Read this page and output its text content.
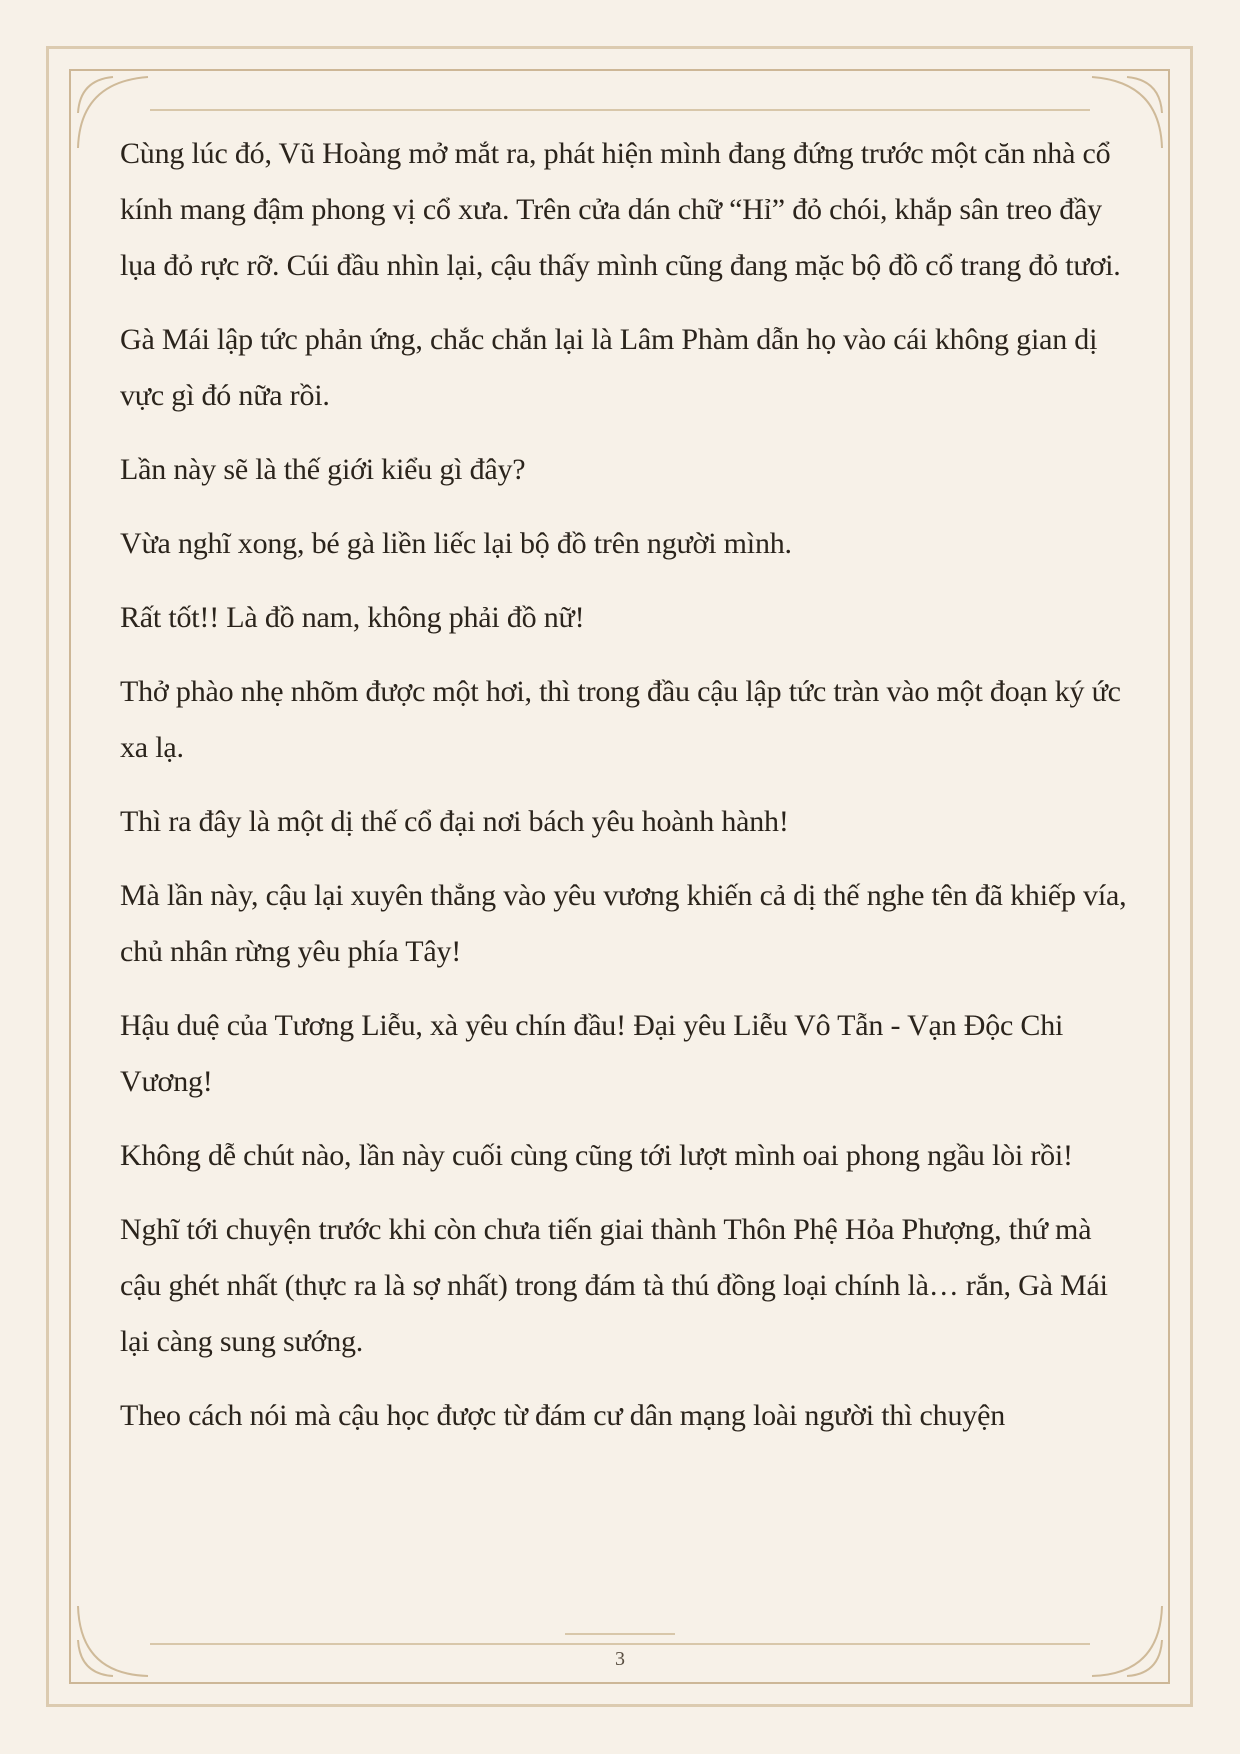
Cùng lúc đó, Vũ Hoàng mở mắt ra, phát hiện mình đang đứng trước một căn nhà cổ kính mang đậm phong vị cổ xưa. Trên cửa dán chữ “Hỉ” đỏ chói, khắp sân treo đầy lụa đỏ rực rỡ. Cúi đầu nhìn lại, cậu thấy mình cũng đang mặc bộ đồ cổ trang đỏ tươi.

Gà Mái lập tức phản ứng, chắc chắn lại là Lâm Phàm dẫn họ vào cái không gian dị vực gì đó nữa rồi.

Lần này sẽ là thế giới kiểu gì đây?

Vừa nghĩ xong, bé gà liền liếc lại bộ đồ trên người mình.

Rất tốt!! Là đồ nam, không phải đồ nữ!

Thở phào nhẹ nhõm được một hơi, thì trong đầu cậu lập tức tràn vào một đoạn ký ức xa lạ.

Thì ra đây là một dị thế cổ đại nơi bách yêu hoành hành!

Mà lần này, cậu lại xuyên thẳng vào yêu vương khiến cả dị thế nghe tên đã khiếp vía, chủ nhân rừng yêu phía Tây!

Hậu duệ của Tương Liễu, xà yêu chín đầu! Đại yêu Liễu Vô Tẫn - Vạn Độc Chi Vương!

Không dễ chút nào, lần này cuối cùng cũng tới lượt mình oai phong ngầu lòi rồi!

Nghĩ tới chuyện trước khi còn chưa tiến giai thành Thôn Phệ Hỏa Phượng, thứ mà cậu ghét nhất (thực ra là sợ nhất) trong đám tà thú đồng loại chính là… rắn, Gà Mái lại càng sung sướng.

Theo cách nói mà cậu học được từ đám cư dân mạng loài người thì chuyện

3
